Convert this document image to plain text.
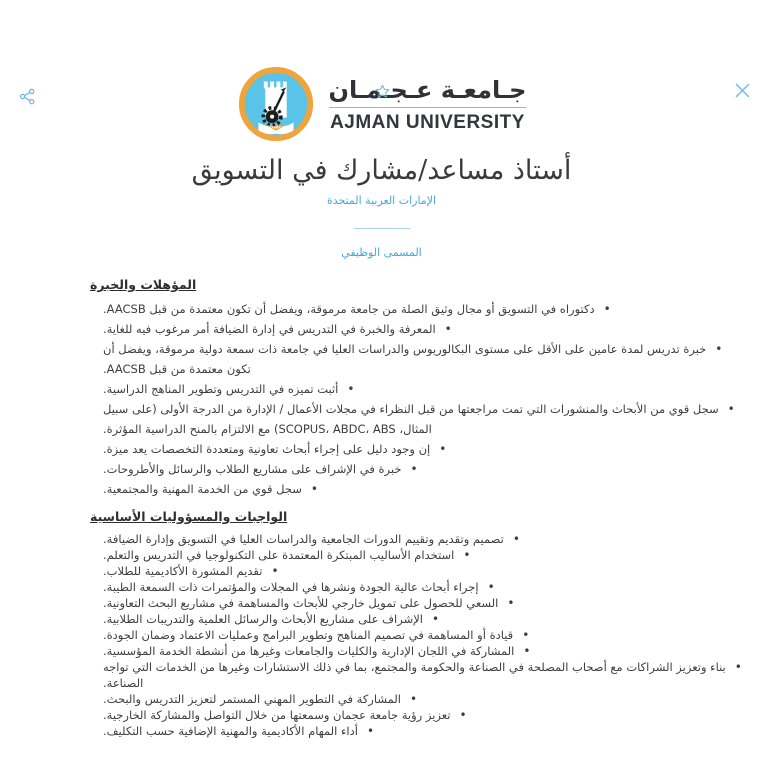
جـامعـة عـجـمـان
AJMAN UNIVERSITY
أستاذ مساعد/مشارك في التسويق
الإمارات العربية المتحدة
المسمى الوظيفي
المؤهلات والخبرة
•دكتوراه في التسويق أو مجال وثيق الصلة من جامعة مرموقة، ويفضل أن تكون معتمدة من قبل AACSB.
•المعرفة والخبرة في التدريس في إدارة الضيافة أمر مرغوب فيه للغاية.
•خبرة تدريس لمدة عامين على الأقل على مستوى البكالوريوس والدراسات العليا في جامعة ذات سمعة دولية مرموقة، ويفضل أن تكون معتمدة من قبل AACSB.
•أثبت تميزه في التدريس وتطوير المناهج الدراسية.
•سجل قوي من الأبحاث والمنشورات التي تمت مراجعتها من قبل النظراء في مجلات الأعمال / الإدارة من الدرجة الأولى (على سبيل المثال، SCOPUS، ABDC، ABS) مع الالتزام بالمنح الدراسية المؤثرة.
•إن وجود دليل على إجراء أبحاث تعاونية ومتعددة التخصصات يعد ميزة.
•خبرة في الإشراف على مشاريع الطلاب والرسائل والأطروحات.
•سجل قوي من الخدمة المهنية والمجتمعية.
الواجبات والمسؤوليات الأساسية
•تصميم وتقديم وتقييم الدورات الجامعية والدراسات العليا في التسويق وإدارة الضيافة.
•استخدام الأساليب المبتكرة المعتمدة على التكنولوجيا في التدريس والتعلم.
•تقديم المشورة الأكاديمية للطلاب.
•إجراء أبحاث عالية الجودة ونشرها في المجلات والمؤتمرات ذات السمعة الطيبة.
•السعي للحصول على تمويل خارجي للأبحاث والمساهمة في مشاريع البحث التعاونية.
•الإشراف على مشاريع الأبحاث والرسائل العلمية والتدريبات الطلابية.
•قيادة أو المساهمة في تصميم المناهج وتطوير البرامج وعمليات الاعتماد وضمان الجودة.
•المشاركة في اللجان الإدارية والكليات والجامعات وغيرها من أنشطة الخدمة المؤسسية.
•بناء وتعزيز الشراكات مع أصحاب المصلحة في الصناعة والحكومة والمجتمع، بما في ذلك الاستشارات وغيرها من الخدمات التي تواجه الصناعة.
•المشاركة في التطوير المهني المستمر لتعزيز التدريس والبحث.
•تعزيز رؤية جامعة عجمان وسمعتها من خلال التواصل والمشاركة الخارجية.
•أداء المهام الأكاديمية والمهنية الإضافية حسب التكليف.
